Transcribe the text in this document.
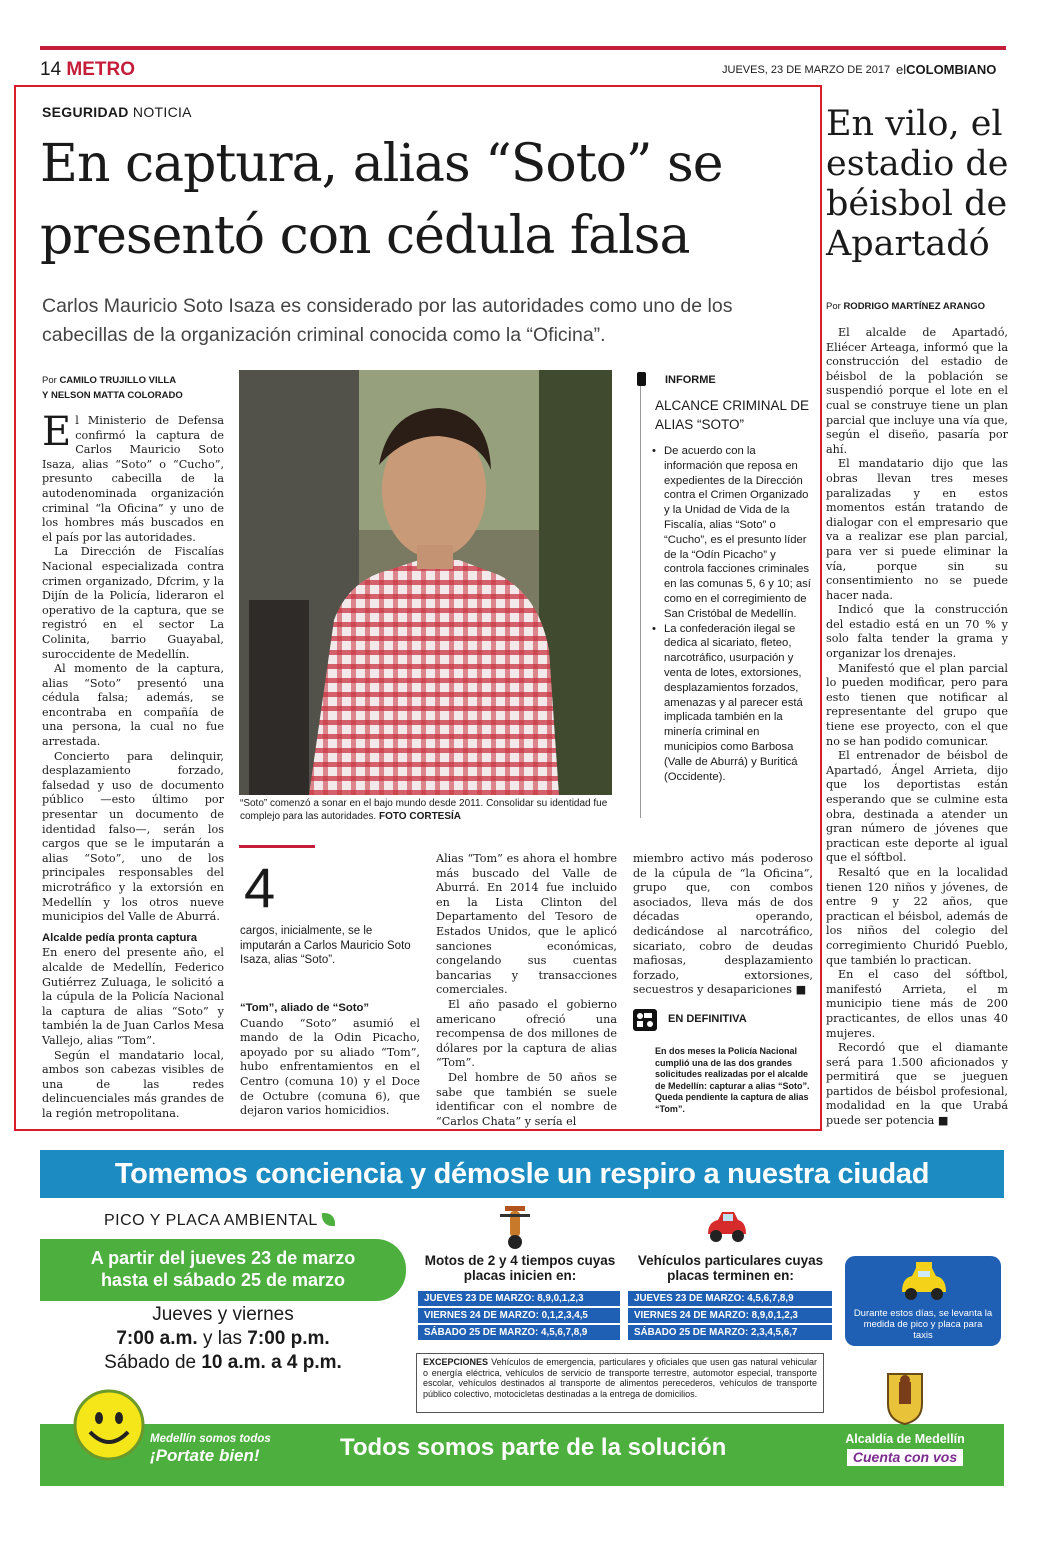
14 METRO	JUEVES, 23 DE MARZO DE 2017 elCOLOMBIANO
SEGURIDAD NOTICIA
En captura, alias “Soto” se presentó con cédula falsa
Carlos Mauricio Soto Isaza es considerado por las autoridades como uno de los cabecillas de la organización criminal conocida como la “Oficina”.
Por CAMILO TRUJILLO VILLA
Y NELSON MATTA COLORADO

El Ministerio de Defensa confirmó la captura de Carlos Mauricio Soto Isaza, alias “Soto” o “Cucho”, presunto cabecilla de la autodenominada organización criminal “la Oficina” y uno de los hombres más buscados en el país por las autoridades.

La Dirección de Fiscalías Nacional especializada contra crimen organizado, Dfcrim, y la Dijín de la Policía, lideraron el operativo de la captura, que se registró en el sector La Colinita, barrio Guayabal, suroccidente de Medellín.

Al momento de la captura, alias “Soto” presentó una cédula falsa; además, se encontraba en compañía de una persona, la cual no fue arrestada.

Concierto para delinquir, desplazamiento forzado, falsedad y uso de documento público —esto último por presentar un documento de identidad falso—, serán los cargos que se le imputarán a alias “Soto”, uno de los principales responsables del microtráfico y la extorsión en Medellín y los otros nueve municipios del Valle de Aburrá.

Alcalde pedía pronta captura

En enero del presente año, el alcalde de Medellín, Federico Gutiérrez Zuluaga, le solicitó a la cúpula de la Policía Nacional la captura de alias “Soto” y también la de Juan Carlos Mesa Vallejo, alias “Tom”.

Según el mandatario local, ambos son cabezas visibles de una de las redes delincuenciales más grandes de la región metropolitana.

“Soto” comenzó a sonar en el bajo mundo desde 2011. Consolidar su identidad fue complejo para las autoridades. FOTO CORTESÍA
4
cargos, inicialmente, se le imputarán a Carlos Mauricio Soto Isaza, alias “Soto”.
“Tom”, aliado de “Soto”

Cuando “Soto” asumió el mando de la Odin Picacho, apoyado por su aliado “Tom”, hubo enfrentamientos en el Centro (comuna 10) y el Doce de Octubre (comuna 6), que dejaron varios homicidios.

Alias “Tom” es ahora el hombre más buscado del Valle de Aburrá. En 2014 fue incluido en la Lista Clinton del Departamento del Tesoro de Estados Unidos, que le aplicó sanciones económicas, congelando sus cuentas bancarias y transacciones comerciales.

El año pasado el gobierno americano ofreció una recompensa de dos millones de dólares por la captura de alias “Tom”.

Del hombre de 50 años se sabe que también se suele identificar con el nombre de “Carlos Chata” y sería el

miembro activo más poderoso de la cúpula de “la Oficina”, grupo que, con combos asociados, lleva más de dos décadas operando, dedicándose al narcotráfico, sicariato, cobro de deudas mafiosas, desplazamiento forzado, extorsiones, secuestros y desapariciones ■

INFORME
ALCANCE CRIMINAL DE ALIAS “SOTO”
• De acuerdo con la información que reposa en expedientes de la Dirección contra el Crimen Organizado y la Unidad de Vida de la Fiscalía, alias “Soto” o “Cucho”, es el presunto líder de la “Odín Picacho” y controla facciones criminales en las comunas 5, 6 y 10; así como en el corregimiento de San Cristóbal de Medellín.
• La confederación ilegal se dedica al sicariato, fleteo, narcotráfico, usurpación y venta de lotes, extorsiones, desplazamientos forzados, amenazas y al parecer está implicada también en la minería criminal en municipios como Barbosa (Valle de Aburrá) y Buriticá (Occidente).
EN DEFINITIVA
En dos meses la Policía Nacional cumplió una de las dos grandes solicitudes realizadas por el alcalde de Medellín: capturar a alias “Soto”. Queda pendiente la captura de alias “Tom”.
En vilo, el estadio de béisbol de Apartadó
Por RODRIGO MARTÍNEZ ARANGO

El alcalde de Apartadó, Eliécer Arteaga, informó que la construcción del estadio de béisbol de la población se suspendió porque el lote en el cual se construye tiene un plan parcial que incluye una vía que, según el diseño, pasaría por ahí.

El mandatario dijo que las obras llevan tres meses paralizadas y en estos momentos están tratando de dialogar con el empresario que va a realizar ese plan parcial, para ver si puede eliminar la vía, porque sin su consentimiento no se puede hacer nada.

Indicó que la construcción del estadio está en un 70 % y solo falta tender la grama y organizar los drenajes.

Manifestó que el plan parcial lo pueden modificar, pero para esto tienen que notificar al representante del grupo que tiene ese proyecto, con el que no se han podido comunicar.

El entrenador de béisbol de Apartadó, Ángel Arrieta, dijo que los deportistas están esperando que se culmine esta obra, destinada a atender un gran número de jóvenes que practican este deporte al igual que el sóftbol.

Resaltó que en la localidad tienen 120 niños y jóvenes, de entre 9 y 22 años, que practican el béisbol, además de los niños del colegio del corregimiento Churidó Pueblo, que también lo practican.

En el caso del sóftbol, manifestó Arrieta, el m municipio tiene más de 200 practicantes, de ellos unas 40 mujeres.

Recordó que el diamante será para 1.500 aficionados y permitirá que se jueguen partidos de béisbol profesional, modalidad en la que Urabá puede ser potencia ■

Tomemos conciencia y démosle un respiro a nuestra ciudad
PICO Y PLACA AMBIENTAL
A partir del jueves 23 de marzo
hasta el sábado 25 de marzo
Jueves y viernes
7:00 a.m. y las 7:00 p.m.
Sábado de 10 a.m. a 4 p.m.
Motos de 2 y 4 tiempos cuyas placas inicien en:
JUEVES 23 DE MARZO: 8,9,0,1,2,3
VIERNES 24 DE MARZO: 0,1,2,3,4,5
SÁBADO 25 DE MARZO: 4,5,6,7,8,9
Vehículos particulares cuyas placas terminen en:
JUEVES 23 DE MARZO: 4,5,6,7,8,9
VIERNES 24 DE MARZO: 8,9,0,1,2,3
SÁBADO 25 DE MARZO: 2,3,4,5,6,7
Durante estos días, se levanta la medida de pico y placa para taxis
EXCEPCIONES Vehículos de emergencia, particulares y oficiales que usen gas natural vehicular o energía eléctrica, vehículos de servicio de transporte terrestre, automotor especial, transporte escolar, vehículos destinados al transporte de alimentos perecederos, vehículos de transporte público colectivo, motocicletas destinadas a la entrega de domicilios.
Medellín somos todos
¡Portate bien!	Todos somos parte de la solución	Alcaldía de Medellín
Cuenta con vos
